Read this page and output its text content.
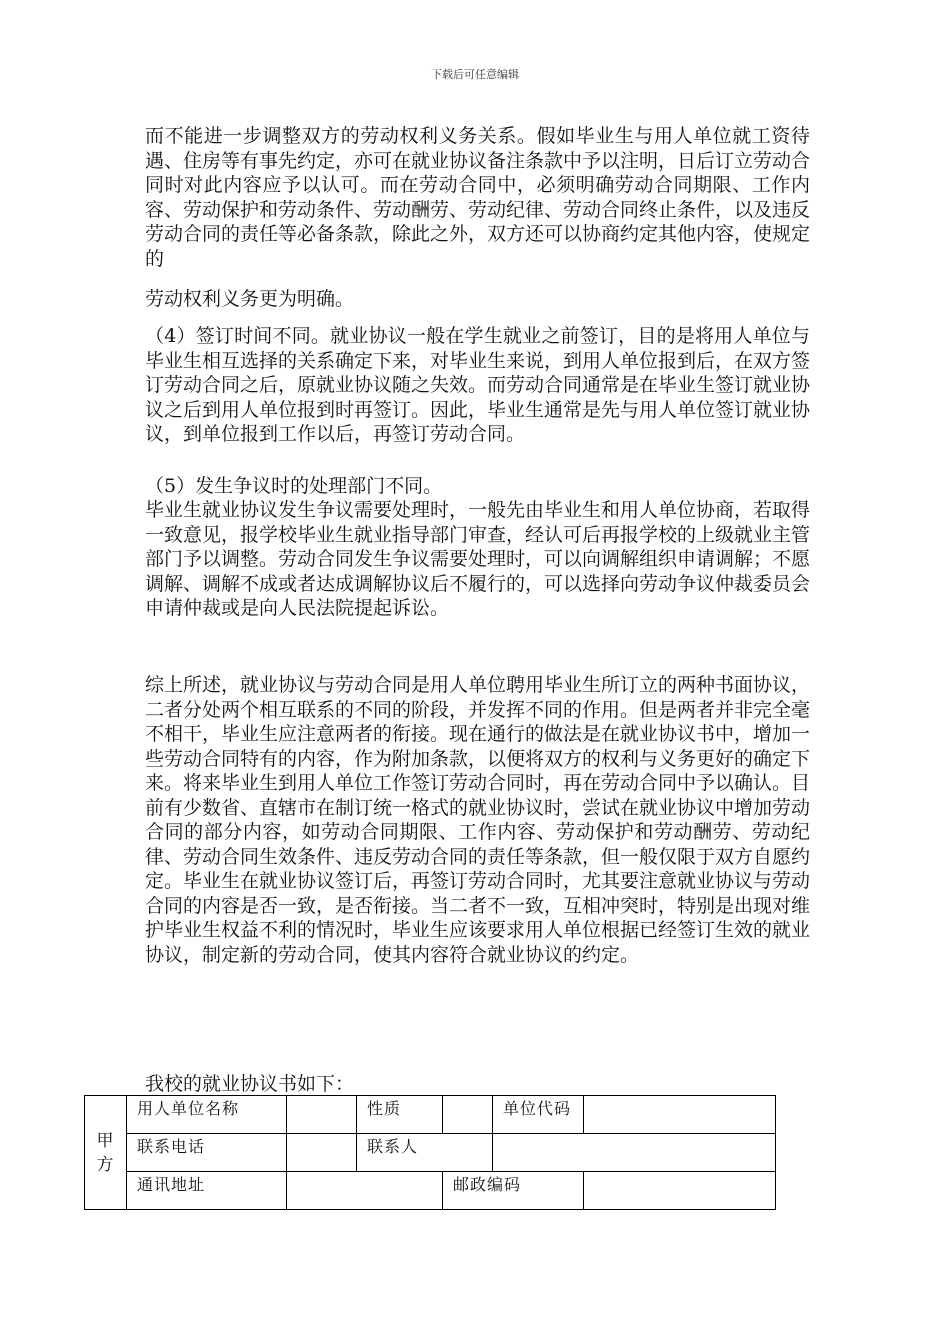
下载后可任意编辑

而不能进一步调整双方的劳动权利义务关系。假如毕业生与用人单位就工资待遇、住房等有事先约定，亦可在就业协议备注条款中予以注明，日后订立劳动合同时对此内容应予以认可。而在劳动合同中，必须明确劳动合同期限、工作内容、劳动保护和劳动条件、劳动酬劳、劳动纪律、劳动合同终止条件，以及违反劳动合同的责任等必备条款，除此之外，双方还可以协商约定其他内容，使规定的

劳动权利义务更为明确。

（4）签订时间不同。就业协议一般在学生就业之前签订，目的是将用人单位与毕业生相互选择的关系确定下来，对毕业生来说，到用人单位报到后，在双方签订劳动合同之后，原就业协议随之失效。而劳动合同通常是在毕业生签订就业协议之后到用人单位报到时再签订。因此，毕业生通常是先与用人单位签订就业协议，到单位报到工作以后，再签订劳动合同。

（5）发生争议时的处理部门不同。

毕业生就业协议发生争议需要处理时，一般先由毕业生和用人单位协商，若取得一致意见，报学校毕业生就业指导部门审查，经认可后再报学校的上级就业主管部门予以调整。劳动合同发生争议需要处理时，可以向调解组织申请调解；不愿调解、调解不成或者达成调解协议后不履行的，可以选择向劳动争议仲裁委员会申请仲裁或是向人民法院提起诉讼。

综上所述，就业协议与劳动合同是用人单位聘用毕业生所订立的两种书面协议，二者分处两个相互联系的不同的阶段，并发挥不同的作用。但是两者并非完全毫不相干，毕业生应注意两者的衔接。现在通行的做法是在就业协议书中，增加一些劳动合同特有的内容，作为附加条款，以便将双方的权利与义务更好的确定下来。将来毕业生到用人单位工作签订劳动合同时，再在劳动合同中予以确认。目前有少数省、直辖市在制订统一格式的就业协议时，尝试在就业协议中增加劳动合同的部分内容，如劳动合同期限、工作内容、劳动保护和劳动酬劳、劳动纪律、劳动合同生效条件、违反劳动合同的责任等条款，但一般仅限于双方自愿约定。毕业生在就业协议签订后，再签订劳动合同时，尤其要注意就业协议与劳动合同的内容是否一致，是否衔接。当二者不一致，互相冲突时，特别是出现对维护毕业生权益不利的情况时，毕业生应该要求用人单位根据已经签订生效的就业协议，制定新的劳动合同，使其内容符合就业协议的约定。

我校的就业协议书如下：

甲
方	用人单位名称		性质		单位代码	
	联系电话		联系人			
	通讯地址			邮政编码		
